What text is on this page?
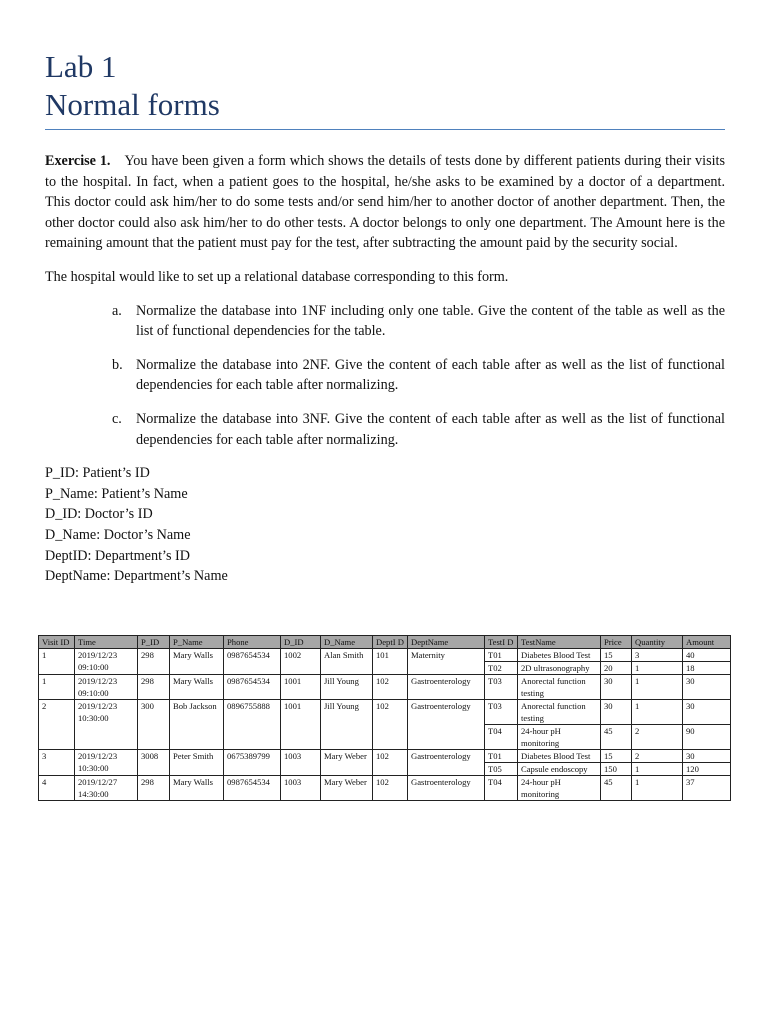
Lab 1
Normal forms

Exercise 1. You have been given a form which shows the details of tests done by different patients during their visits to the hospital. In fact, when a patient goes to the hospital, he/she asks to be examined by a doctor of a department. This doctor could ask him/her to do some tests and/or send him/her to another doctor of another department. Then, the other doctor could also ask him/her to do other tests. A doctor belongs to only one department. The Amount here is the remaining amount that the patient must pay for the test, after subtracting the amount paid by the security social.

The hospital would like to set up a relational database corresponding to this form.

a. Normalize the database into 1NF including only one table. Give the content of the table as well as the list of functional dependencies for the table.
b. Normalize the database into 2NF. Give the content of each table after as well as the list of functional dependencies for each table after normalizing.
c. Normalize the database into 3NF. Give the content of each table after as well as the list of functional dependencies for each table after normalizing.
P_ID: Patient’s ID
P_Name: Patient’s Name
D_ID: Doctor’s ID
D_Name: Doctor’s Name
DeptID: Department’s ID
DeptName: Department’s Name
Visit ID	Time	P_ID	P_Name	Phone	D_ID	D_Name	DeptI D	DeptName	TestI D	TestName	Price	Quantity	Amount
1	2019/12/23 09:10:00	298	Mary Walls	0987654534	1002	Alan Smith	101	Maternity	T01	Diabetes Blood Test	15	3	40
									T02	2D ultrasonography	20	1	18
1	2019/12/23 09:10:00	298	Mary Walls	0987654534	1001	Jill Young	102	Gastroenterology	T03	Anorectal function testing	30	1	30
2	2019/12/23 10:30:00	300	Bob Jackson	0896755888	1001	Jill Young	102	Gastroenterology	T03	Anorectal function testing	30	1	30
									T04	24-hour pH monitoring	45	2	90
3	2019/12/23 10:30:00	3008	Peter Smith	0675389799	1003	Mary Weber	102	Gastroenterology	T01	Diabetes Blood Test	15	2	30
									T05	Capsule endoscopy	150	1	120
4	2019/12/27 14:30:00	298	Mary Walls	0987654534	1003	Mary Weber	102	Gastroenterology	T04	24-hour pH monitoring	45	1	37
